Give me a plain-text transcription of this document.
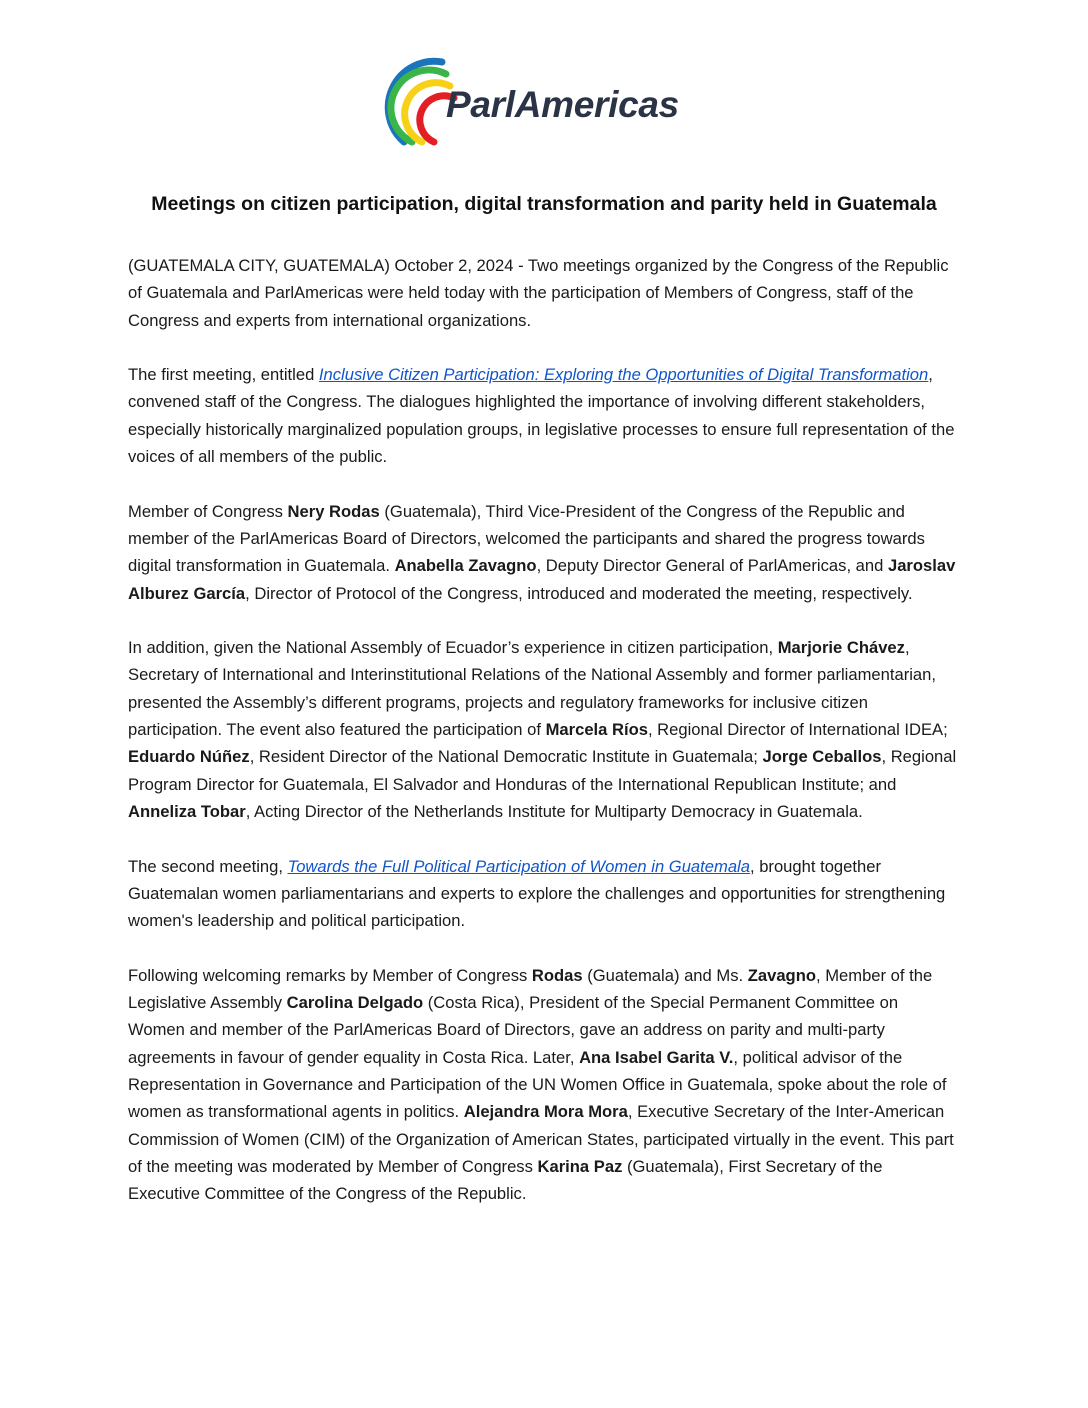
ParlAmericas
Meetings on citizen participation, digital transformation and parity held in Guatemala

(GUATEMALA CITY, GUATEMALA) October 2, 2024 - Two meetings organized by the Congress of the Republic of Guatemala and ParlAmericas were held today with the participation of Members of Congress, staff of the Congress and experts from international organizations.

The first meeting, entitled Inclusive Citizen Participation: Exploring the Opportunities of Digital Transformation, convened staff of the Congress. The dialogues highlighted the importance of involving different stakeholders, especially historically marginalized population groups, in legislative processes to ensure full representation of the voices of all members of the public.

Member of Congress Nery Rodas (Guatemala), Third Vice-President of the Congress of the Republic and member of the ParlAmericas Board of Directors, welcomed the participants and shared the progress towards digital transformation in Guatemala. Anabella Zavagno, Deputy Director General of ParlAmericas, and Jaroslav Alburez García, Director of Protocol of the Congress, introduced and moderated the meeting, respectively.

In addition, given the National Assembly of Ecuador’s experience in citizen participation, Marjorie Chávez, Secretary of International and Interinstitutional Relations of the National Assembly and former parliamentarian, presented the Assembly’s different programs, projects and regulatory frameworks for inclusive citizen participation. The event also featured the participation of Marcela Ríos, Regional Director of International IDEA; Eduardo Núñez, Resident Director of the National Democratic Institute in Guatemala; Jorge Ceballos, Regional Program Director for Guatemala, El Salvador and Honduras of the International Republican Institute; and Anneliza Tobar, Acting Director of the Netherlands Institute for Multiparty Democracy in Guatemala.

The second meeting, Towards the Full Political Participation of Women in Guatemala, brought together Guatemalan women parliamentarians and experts to explore the challenges and opportunities for strengthening women's leadership and political participation.

Following welcoming remarks by Member of Congress Rodas (Guatemala) and Ms. Zavagno, Member of the Legislative Assembly Carolina Delgado (Costa Rica), President of the Special Permanent Committee on Women and member of the ParlAmericas Board of Directors, gave an address on parity and multi-party agreements in favour of gender equality in Costa Rica. Later, Ana Isabel Garita V., political advisor of the Representation in Governance and Participation of the UN Women Office in Guatemala, spoke about the role of women as transformational agents in politics. Alejandra Mora Mora, Executive Secretary of the Inter-American Commission of Women (CIM) of the Organization of American States, participated virtually in the event. This part of the meeting was moderated by Member of Congress Karina Paz (Guatemala), First Secretary of the Executive Committee of the Congress of the Republic.
